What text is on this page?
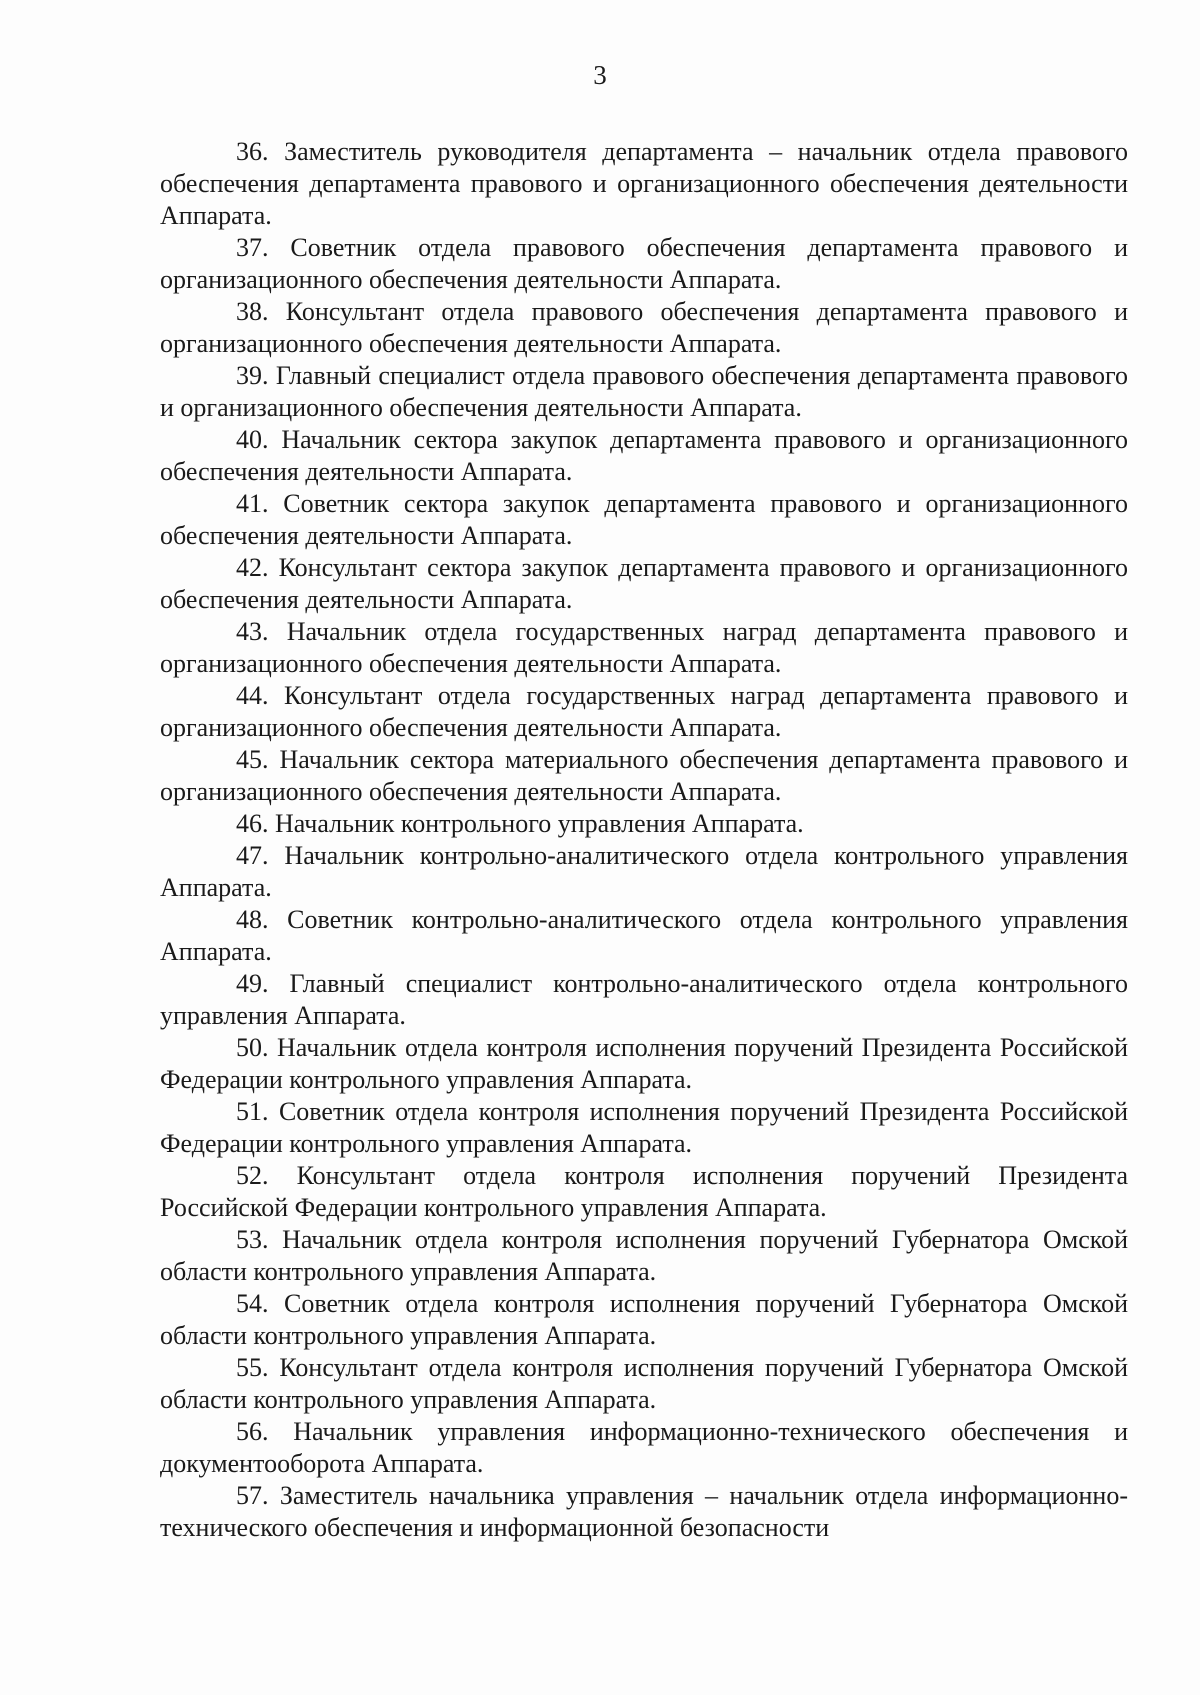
3

36. Заместитель руководителя департамента – начальник отдела правового обеспечения департамента правового и организационного обеспечения деятельности Аппарата.

37. Советник отдела правового обеспечения департамента правового и организационного обеспечения деятельности Аппарата.

38. Консультант отдела правового обеспечения департамента правового и организационного обеспечения деятельности Аппарата.

39. Главный специалист отдела правового обеспечения департамента правового и организационного обеспечения деятельности Аппарата.

40. Начальник сектора закупок департамента правового и организационного обеспечения деятельности Аппарата.

41. Советник сектора закупок департамента правового и организационного обеспечения деятельности Аппарата.

42. Консультант сектора закупок департамента правового и организационного обеспечения деятельности Аппарата.

43. Начальник отдела государственных наград департамента правового и организационного обеспечения деятельности Аппарата.

44. Консультант отдела государственных наград департамента правового и организационного обеспечения деятельности Аппарата.

45. Начальник сектора материального обеспечения департамента правового и организационного обеспечения деятельности Аппарата.

46. Начальник контрольного управления Аппарата.

47. Начальник контрольно-аналитического отдела контрольного управления Аппарата.

48. Советник контрольно-аналитического отдела контрольного управления Аппарата.

49. Главный специалист контрольно-аналитического отдела контрольного управления Аппарата.

50. Начальник отдела контроля исполнения поручений Президента Российской Федерации контрольного управления Аппарата.

51. Советник отдела контроля исполнения поручений Президента Российской Федерации контрольного управления Аппарата.

52. Консультант отдела контроля исполнения поручений Президента Российской Федерации контрольного управления Аппарата.

53. Начальник отдела контроля исполнения поручений Губернатора Омской области контрольного управления Аппарата.

54. Советник отдела контроля исполнения поручений Губернатора Омской области контрольного управления Аппарата.

55. Консультант отдела контроля исполнения поручений Губернатора Омской области контрольного управления Аппарата.

56. Начальник управления информационно-технического обеспечения и документооборота Аппарата.

57. Заместитель начальника управления – начальник отдела информационно-технического обеспечения и информационной безопасности
